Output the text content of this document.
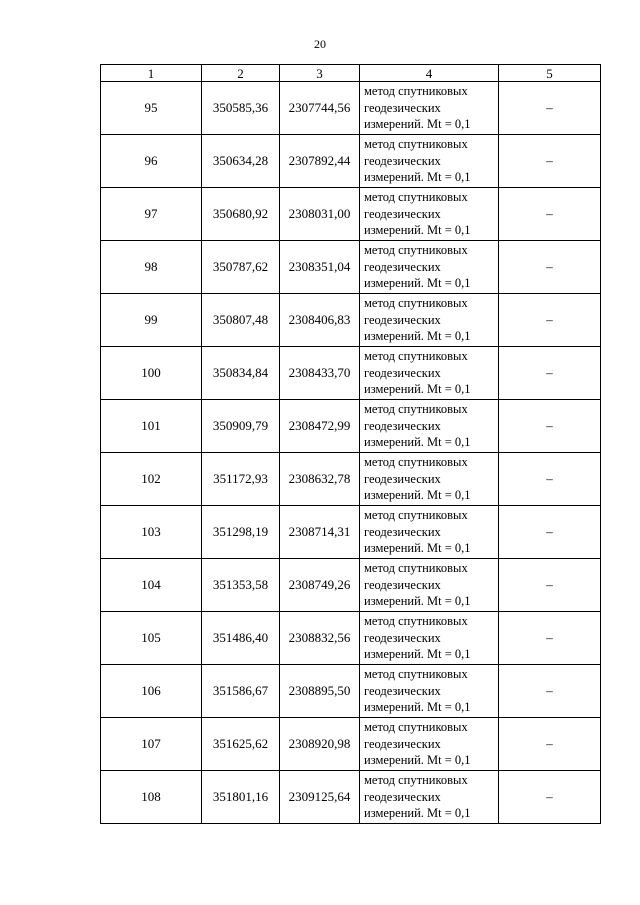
20
1	2	3	4	5
95	350585,36	2307744,56	метод спутниковых
геодезических
измерений. Mt = 0,1	–
96	350634,28	2307892,44	метод спутниковых
геодезических
измерений. Mt = 0,1	–
97	350680,92	2308031,00	метод спутниковых
геодезических
измерений. Mt = 0,1	–
98	350787,62	2308351,04	метод спутниковых
геодезических
измерений. Mt = 0,1	–
99	350807,48	2308406,83	метод спутниковых
геодезических
измерений. Mt = 0,1	–
100	350834,84	2308433,70	метод спутниковых
геодезических
измерений. Mt = 0,1	–
101	350909,79	2308472,99	метод спутниковых
геодезических
измерений. Mt = 0,1	–
102	351172,93	2308632,78	метод спутниковых
геодезических
измерений. Mt = 0,1	–
103	351298,19	2308714,31	метод спутниковых
геодезических
измерений. Mt = 0,1	–
104	351353,58	2308749,26	метод спутниковых
геодезических
измерений. Mt = 0,1	–
105	351486,40	2308832,56	метод спутниковых
геодезических
измерений. Mt = 0,1	–
106	351586,67	2308895,50	метод спутниковых
геодезических
измерений. Mt = 0,1	–
107	351625,62	2308920,98	метод спутниковых
геодезических
измерений. Mt = 0,1	–
108	351801,16	2309125,64	метод спутниковых
геодезических
измерений. Mt = 0,1	–
